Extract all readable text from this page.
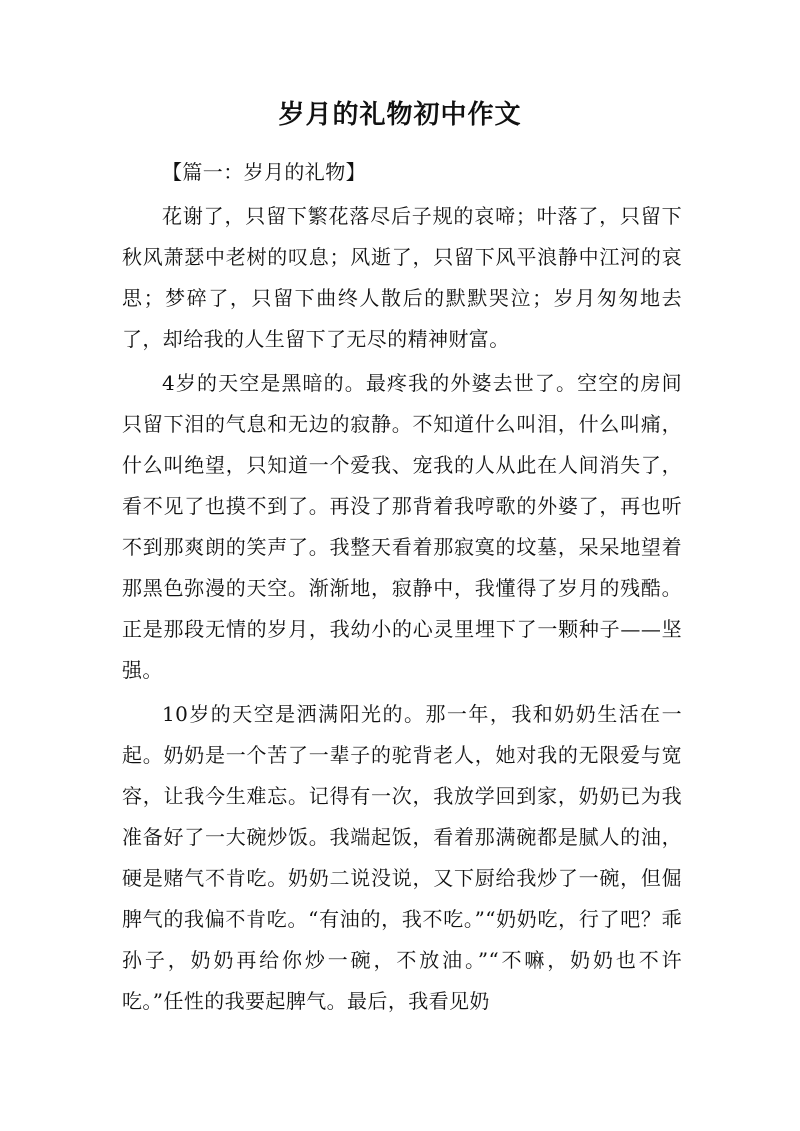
岁月的礼物初中作文

【篇一：岁月的礼物】

花谢了，只留下繁花落尽后子规的哀啼；叶落了，只留下秋风萧瑟中老树的叹息；风逝了，只留下风平浪静中江河的哀思；梦碎了，只留下曲终人散后的默默哭泣；岁月匆匆地去了，却给我的人生留下了无尽的精神财富。

4岁的天空是黑暗的。最疼我的外婆去世了。空空的房间只留下泪的气息和无边的寂静。不知道什么叫泪，什么叫痛，什么叫绝望，只知道一个爱我、宠我的人从此在人间消失了，看不见了也摸不到了。再没了那背着我哼歌的外婆了，再也听不到那爽朗的笑声了。我整天看着那寂寞的坟墓，呆呆地望着那黑色弥漫的天空。渐渐地，寂静中，我懂得了岁月的残酷。正是那段无情的岁月，我幼小的心灵里埋下了一颗种子——坚强。

10岁的天空是洒满阳光的。那一年，我和奶奶生活在一起。奶奶是一个苦了一辈子的驼背老人，她对我的无限爱与宽容，让我今生难忘。记得有一次，我放学回到家，奶奶已为我准备好了一大碗炒饭。我端起饭，看着那满碗都是腻人的油，硬是赌气不肯吃。奶奶二说没说，又下厨给我炒了一碗，但倔脾气的我偏不肯吃。“有油的，我不吃。”“奶奶吃，行了吧？乖孙子，奶奶再给你炒一碗，不放油。”“不嘛，奶奶也不许吃。”任性的我要起脾气。最后，我看见奶
